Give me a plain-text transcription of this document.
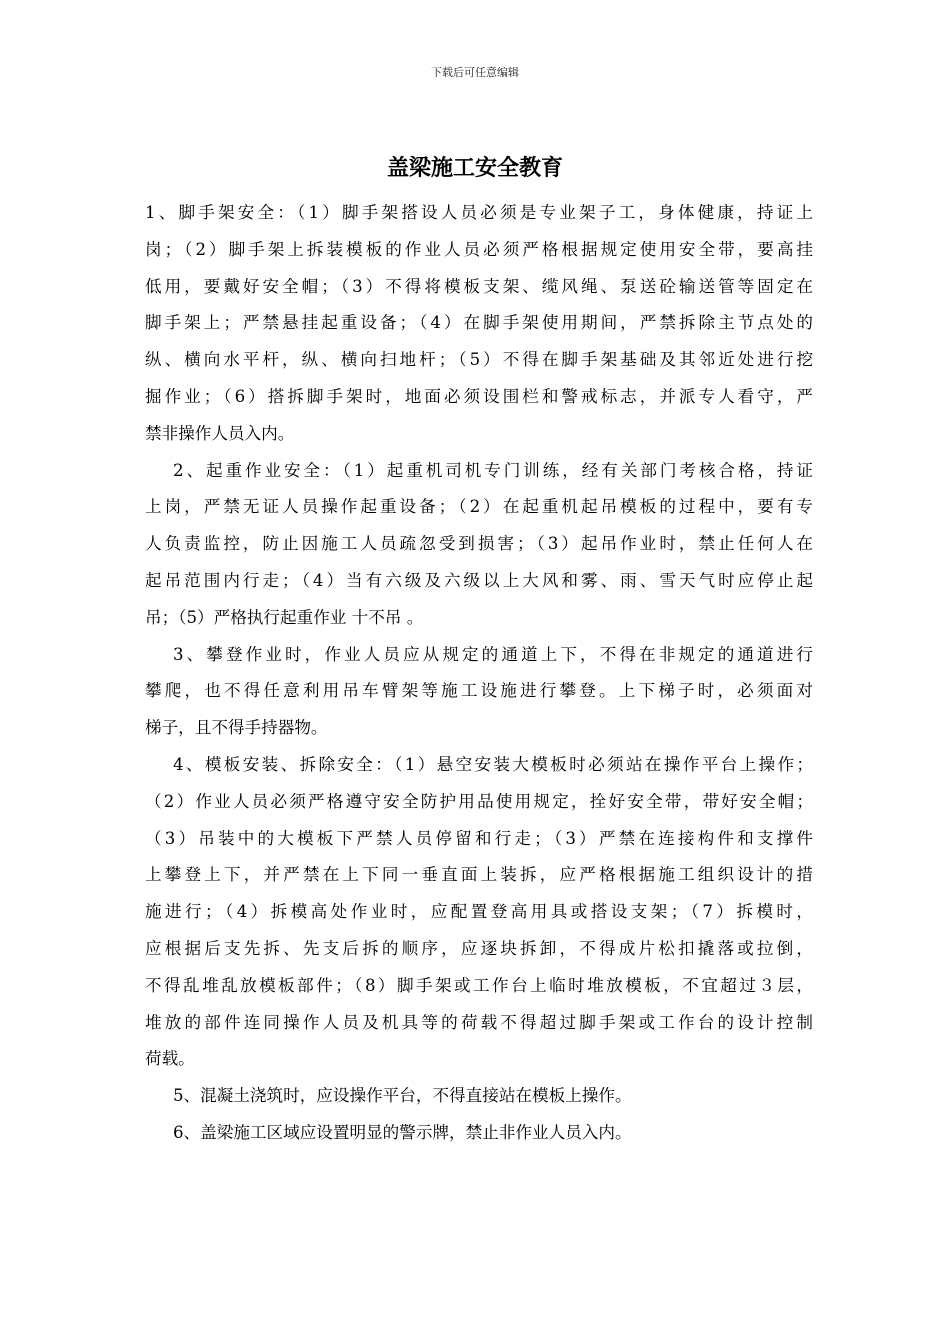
下载后可任意编辑
盖梁施工安全教育
1、脚手架安全：（1）脚手架搭设人员必须是专业架子工，身体健康，持证上
岗；（2）脚手架上拆装模板的作业人员必须严格根据规定使用安全带，要高挂
低用，要戴好安全帽；（3）不得将模板支架、缆风绳、泵送砼输送管等固定在
脚手架上；严禁悬挂起重设备；（4）在脚手架使用期间，严禁拆除主节点处的
纵、横向水平杆，纵、横向扫地杆；（5）不得在脚手架基础及其邻近处进行挖
掘作业；（6）搭拆脚手架时，地面必须设围栏和警戒标志，并派专人看守，严
禁非操作人员入内。
2、起重作业安全：（1）起重机司机专门训练，经有关部门考核合格，持证
上岗，严禁无证人员操作起重设备；（2）在起重机起吊模板的过程中，要有专
人负责监控，防止因施工人员疏忽受到损害；（3）起吊作业时，禁止任何人在
起吊范围内行走；（4）当有六级及六级以上大风和雾、雨、雪天气时应停止起
吊；（5）严格执行起重作业 十不吊 。
3、攀登作业时，作业人员应从规定的通道上下，不得在非规定的通道进行
攀爬，也不得任意利用吊车臂架等施工设施进行攀登。上下梯子时，必须面对
梯子，且不得手持器物。
4、模板安装、拆除安全：（1）悬空安装大模板时必须站在操作平台上操作；
（2）作业人员必须严格遵守安全防护用品使用规定，拴好安全带，带好安全帽；
（3）吊装中的大模板下严禁人员停留和行走；（3）严禁在连接构件和支撑件
上攀登上下，并严禁在上下同一垂直面上装拆，应严格根据施工组织设计的措
施进行；（4）拆模高处作业时，应配置登高用具或搭设支架；（7）拆模时，
应根据后支先拆、先支后拆的顺序，应逐块拆卸，不得成片松扣撬落或拉倒，
不得乱堆乱放模板部件；（8）脚手架或工作台上临时堆放模板，不宜超过３层，
堆放的部件连同操作人员及机具等的荷载不得超过脚手架或工作台的设计控制
荷载。
5、混凝土浇筑时，应设操作平台，不得直接站在模板上操作。
6、盖梁施工区域应设置明显的警示牌，禁止非作业人员入内。
